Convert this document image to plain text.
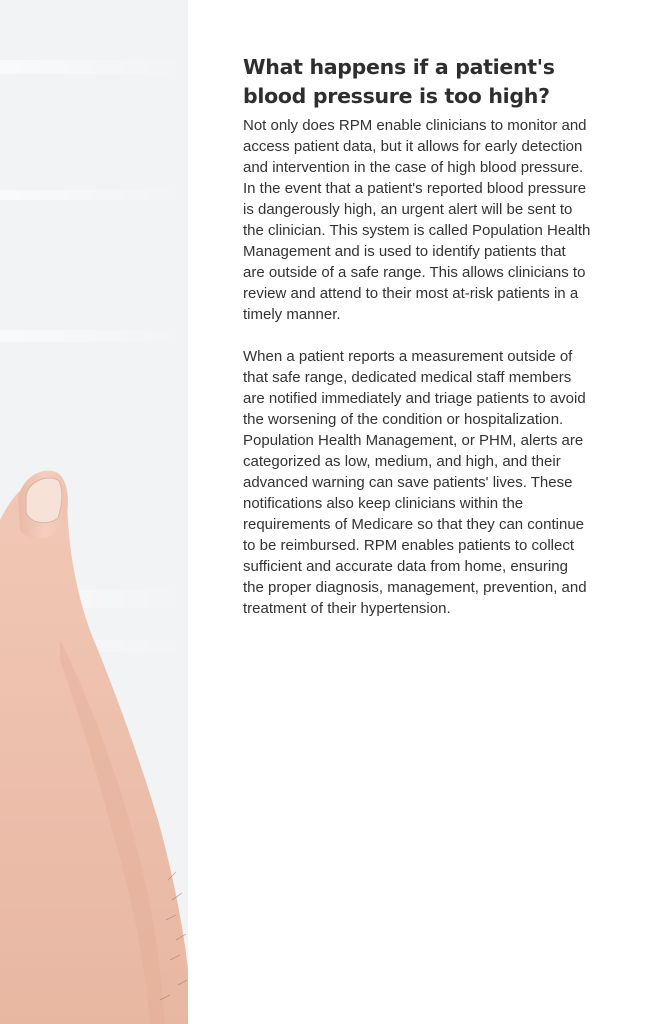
What happens if a patient's blood pressure is too high?

Not only does RPM enable clinicians to monitor and access patient data, but it allows for early detection and intervention in the case of high blood pressure. In the event that a patient's reported blood pressure is dangerously high, an urgent alert will be sent to the clinician. This system is called Population Health Management and is used to identify patients that are outside of a safe range. This allows clinicians to review and attend to their most at-risk patients in a timely manner.

When a patient reports a measurement outside of that safe range, dedicated medical staff members are notified immediately and triage patients to avoid the worsening of the condition or hospitalization. Population Health Management, or PHM, alerts are categorized as low, medium, and high, and their advanced warning can save patients' lives. These notifications also keep clinicians within the requirements of Medicare so that they can continue to be reimbursed. RPM enables patients to collect sufficient and accurate data from home, ensuring the proper diagnosis, management, prevention, and treatment of their hypertension.
